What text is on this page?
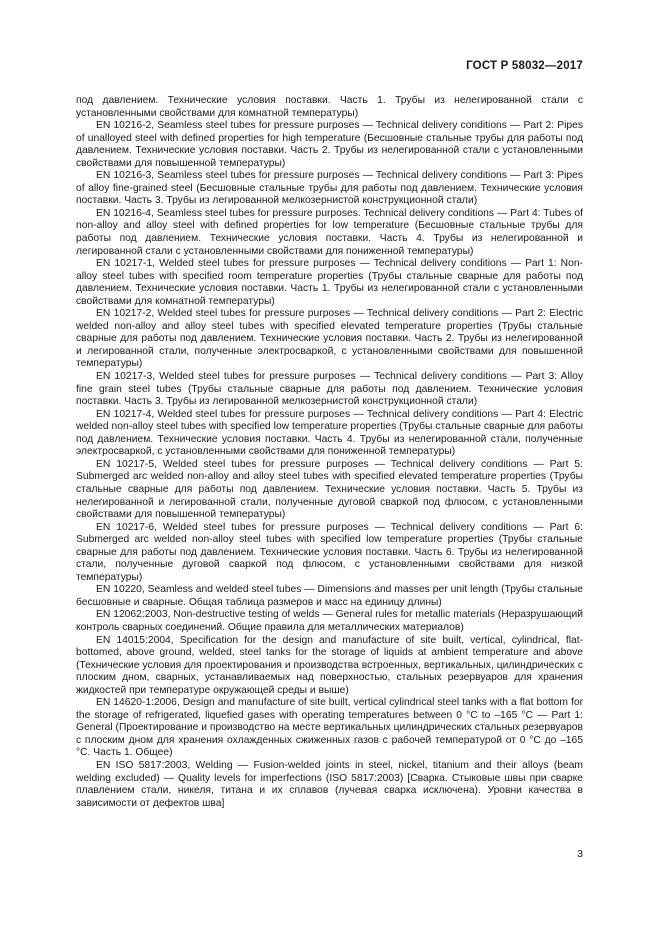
ГОСТ Р 58032—2017

под давлением. Технические условия поставки. Часть 1. Трубы из нелегированной стали с установленными свойствами для комнатной температуры)

EN 10216-2, Seamless steel tubes for pressure purposes — Technical delivery conditions — Part 2: Pipes of unalloyed steel with defined properties for high temperature (Бесшовные стальные трубы для работы под давлением. Технические условия поставки. Часть 2. Трубы из нелегированной стали с установленными свойствами для повышенной температуры)

EN 10216-3, Seamless steel tubes for pressure purposes — Technical delivery conditions — Part 3: Pipes of alloy fine-grained steel (Бесшовные стальные трубы для работы под давлением. Технические условия поставки. Часть 3. Трубы из легированной мелкозернистой конструкционной стали)

EN 10216-4, Seamless steel tubes for pressure purposes. Technical delivery conditions — Part 4: Tubes of non-alloy and alloy steel with defined properties for low temperature (Бесшовные стальные трубы для работы под давлением. Технические условия поставки. Часть 4. Трубы из нелегированной и легированной стали с установленными свойствами для пониженной температуры)

EN 10217-1, Welded steel tubes for pressure purposes — Technical delivery conditions — Part 1: Non-alloy steel tubes with specified room temperature properties (Трубы стальные сварные для работы под давлением. Технические условия поставки. Часть 1. Трубы из нелегированной стали с установленными свойствами для комнатной температуры)

EN 10217-2, Welded steel tubes for pressure purposes — Technical delivery conditions — Part 2: Electric welded non-alloy and alloy steel tubes with specified elevated temperature properties (Трубы стальные сварные для работы под давлением. Технические условия поставки. Часть 2. Трубы из нелегированной и легированной стали, полученные электросваркой, с установленными свойствами для повышенной температуры)

EN 10217-3, Welded steel tubes for pressure purposes — Technical delivery conditions — Part 3: Alloy fine grain steel tubes (Трубы стальные сварные для работы под давлением. Технические условия поставки. Часть 3. Трубы из легированной мелкозернистой конструкционной стали)

EN 10217-4, Welded steel tubes for pressure purposes — Technical delivery conditions — Part 4: Electric welded non-alloy steel tubes with specified low temperature properties (Трубы стальные сварные для работы под давлением. Технические условия поставки. Часть 4. Трубы из нелегированной стали, полученные электросваркой, с установленными свойствами для пониженной температуры)

EN 10217-5, Welded steel tubes for pressure purposes — Technical delivery conditions — Part 5: Submerged arc welded non-alloy and alloy steel tubes with specified elevated temperature properties (Трубы стальные сварные для работы под давлением. Технические условия поставки. Часть 5. Трубы из нелегированной и легированной стали, полученные дуговой сваркой под флюсом, с установленными свойствами для повышенной температуры)

EN 10217-6, Welded steel tubes for pressure purposes — Technical delivery conditions — Part 6: Submerged arc welded non-alloy steel tubes with specified low temperature properties (Трубы стальные сварные для работы под давлением. Технические условия поставки. Часть 6. Трубы из нелегированной стали, полученные дуговой сваркой под флюсом, с установленными свойствами для низкой температуры)

EN 10220, Seamless and welded steel tubes — Dimensions and masses per unit length (Трубы стальные бесшовные и сварные. Общая таблица размеров и масс на единицу длины)

EN 12062:2003, Non-destructive testing of welds — General rules for metallic materials (Неразрушающий контроль сварных соединений. Общие правила для металлических материалов)

EN 14015:2004, Specification for the design and manufacture of site built, vertical, cylindrical, flat-bottomed, above ground, welded, steel tanks for the storage of liquids at ambient temperature and above (Технические условия для проектирования и производства встроенных, вертикальных, цилиндрических с плоским дном, сварных, устанавливаемых над поверхностью, стальных резервуаров для хранения жидкостей при температуре окружающей среды и выше)

EN 14620-1:2006, Design and manufacture of site built, vertical cylindrical steel tanks with a flat bottom for the storage of refrigerated, liquefied gases with operating temperatures between 0 °C to –165 °C — Part 1: General (Проектирование и производство на месте вертикальных цилиндрических стальных резервуаров с плоским дном для хранения охлажденных сжиженных газов с рабочей температурой от 0 °С до –165 °С. Часть 1. Общее)

EN ISO 5817:2003, Welding — Fusion-welded joints in steel, nickel, titanium and their alloys (beam welding excluded) — Quality levels for imperfections (ISO 5817:2003) [Сварка. Стыковые швы при сварке плавлением стали, никеля, титана и их сплавов (лучевая сварка исключена). Уровни качества в зависимости от дефектов шва]

3
